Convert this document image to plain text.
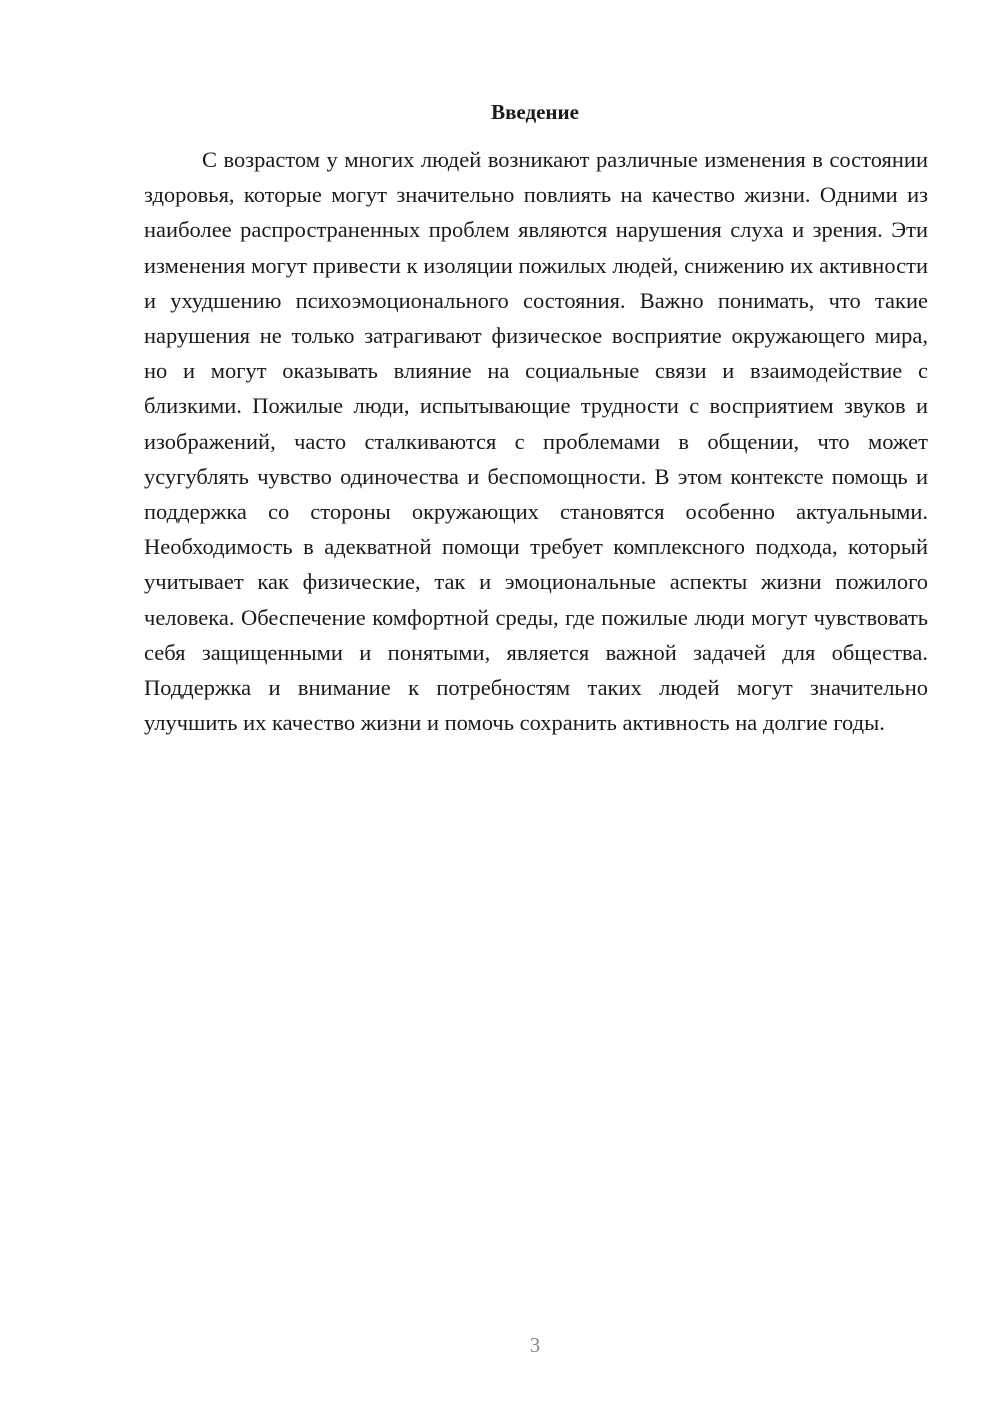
Введение

С возрастом у многих людей возникают различные изменения в состоянии здоровья, которые могут значительно повлиять на качество жизни. Одними из наиболее распространенных проблем являются нарушения слуха и зрения. Эти изменения могут привести к изоляции пожилых людей, снижению их активности и ухудшению психоэмоционального состояния. Важно понимать, что такие нарушения не только затрагивают физическое восприятие окружающего мира, но и могут оказывать влияние на социальные связи и взаимодействие с близкими. Пожилые люди, испытывающие трудности с восприятием звуков и изображений, часто сталкиваются с проблемами в общении, что может усугублять чувство одиночества и беспомощности. В этом контексте помощь и поддержка со стороны окружающих становятся особенно актуальными. Необходимость в адекватной помощи требует комплексного подхода, который учитывает как физические, так и эмоциональные аспекты жизни пожилого человека. Обеспечение комфортной среды, где пожилые люди могут чувствовать себя защищенными и понятыми, является важной задачей для общества. Поддержка и внимание к потребностям таких людей могут значительно улучшить их качество жизни и помочь сохранить активность на долгие годы.

3
